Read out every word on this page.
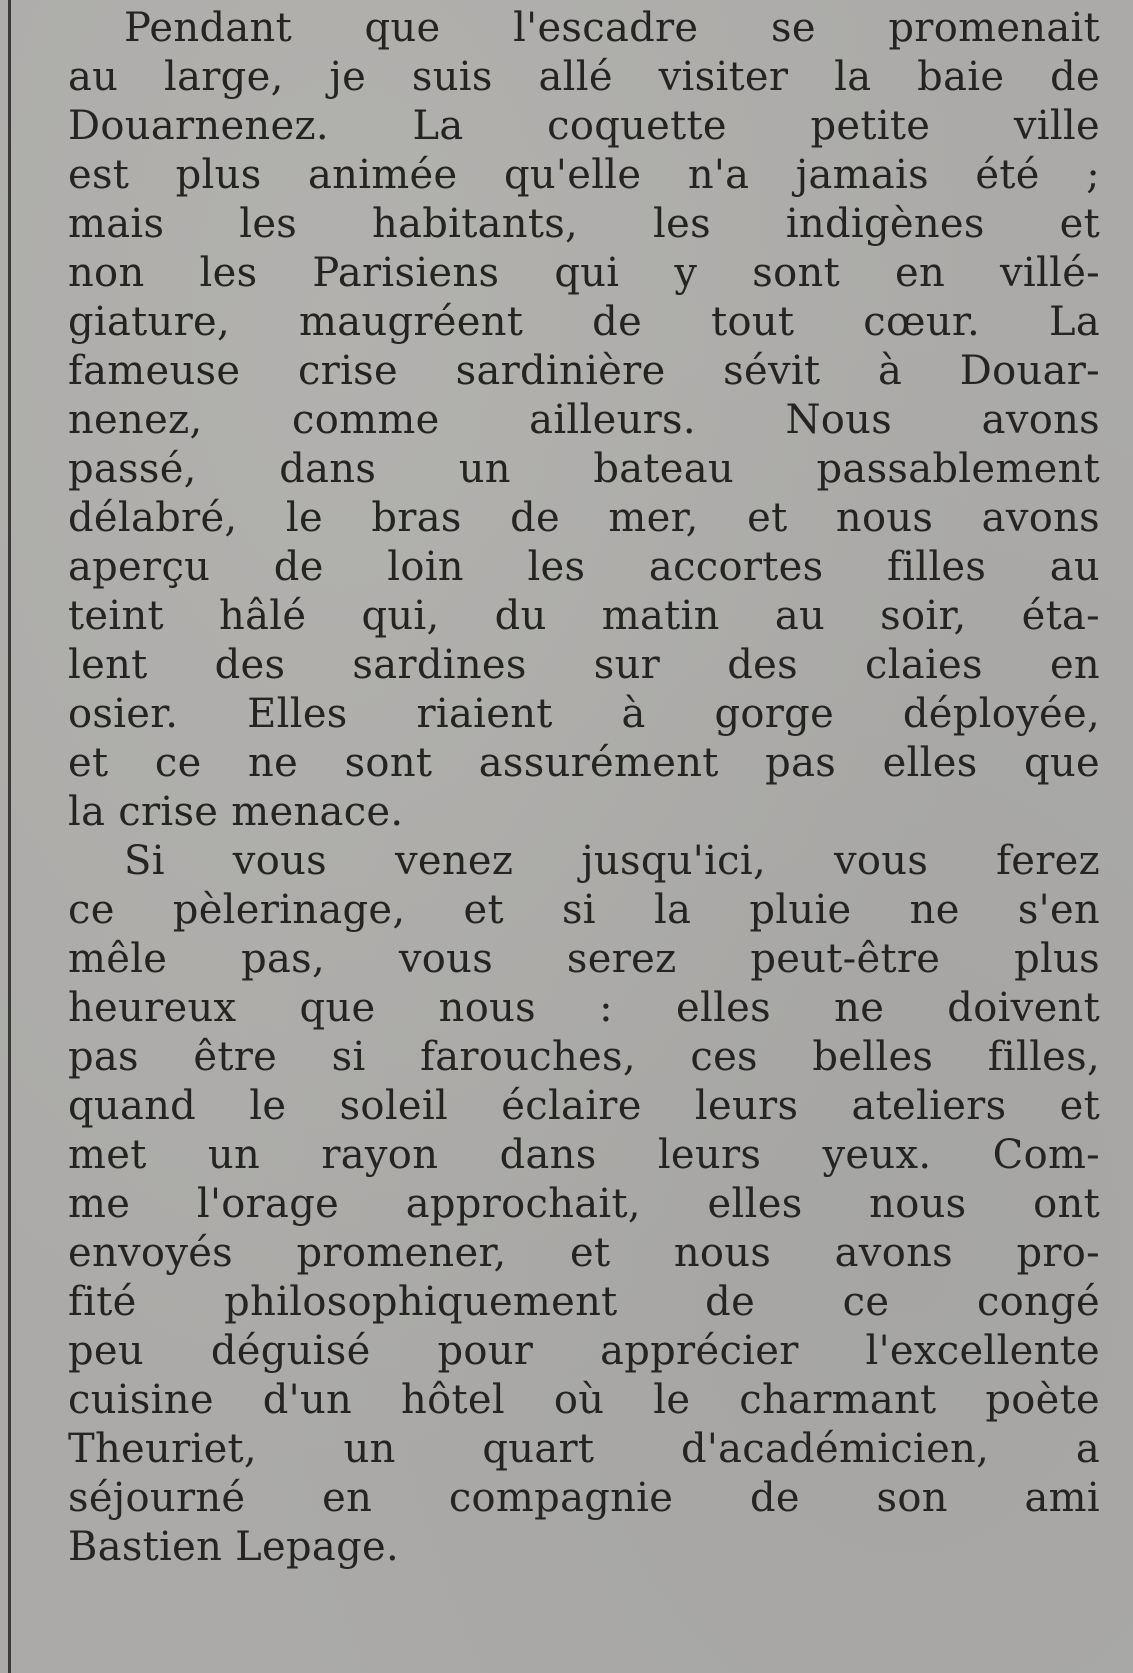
Pendant que l'escadre se promenait
au large, je suis allé visiter la baie de
Douarnenez. La coquette petite ville
est plus animée qu'elle n'a jamais été ;
mais les habitants, les indigènes et
non les Parisiens qui y sont en villé-
giature, maugréent de tout cœur. La
fameuse crise sardinière sévit à Douar-
nenez, comme ailleurs. Nous avons
passé, dans un bateau passablement
délabré, le bras de mer, et nous avons
aperçu de loin les accortes filles au
teint hâlé qui, du matin au soir, éta-
lent des sardines sur des claies en
osier. Elles riaient à gorge déployée,
et ce ne sont assurément pas elles que
la crise menace.
Si vous venez jusqu'ici, vous ferez
ce pèlerinage, et si la pluie ne s'en
mêle pas, vous serez peut-être plus
heureux que nous : elles ne doivent
pas être si farouches, ces belles filles,
quand le soleil éclaire leurs ateliers et
met un rayon dans leurs yeux. Com-
me l'orage approchait, elles nous ont
envoyés promener, et nous avons pro-
fité philosophiquement de ce congé
peu déguisé pour apprécier l'excellente
cuisine d'un hôtel où le charmant poète
Theuriet, un quart d'académicien, a
séjourné en compagnie de son ami
Bastien Lepage.
